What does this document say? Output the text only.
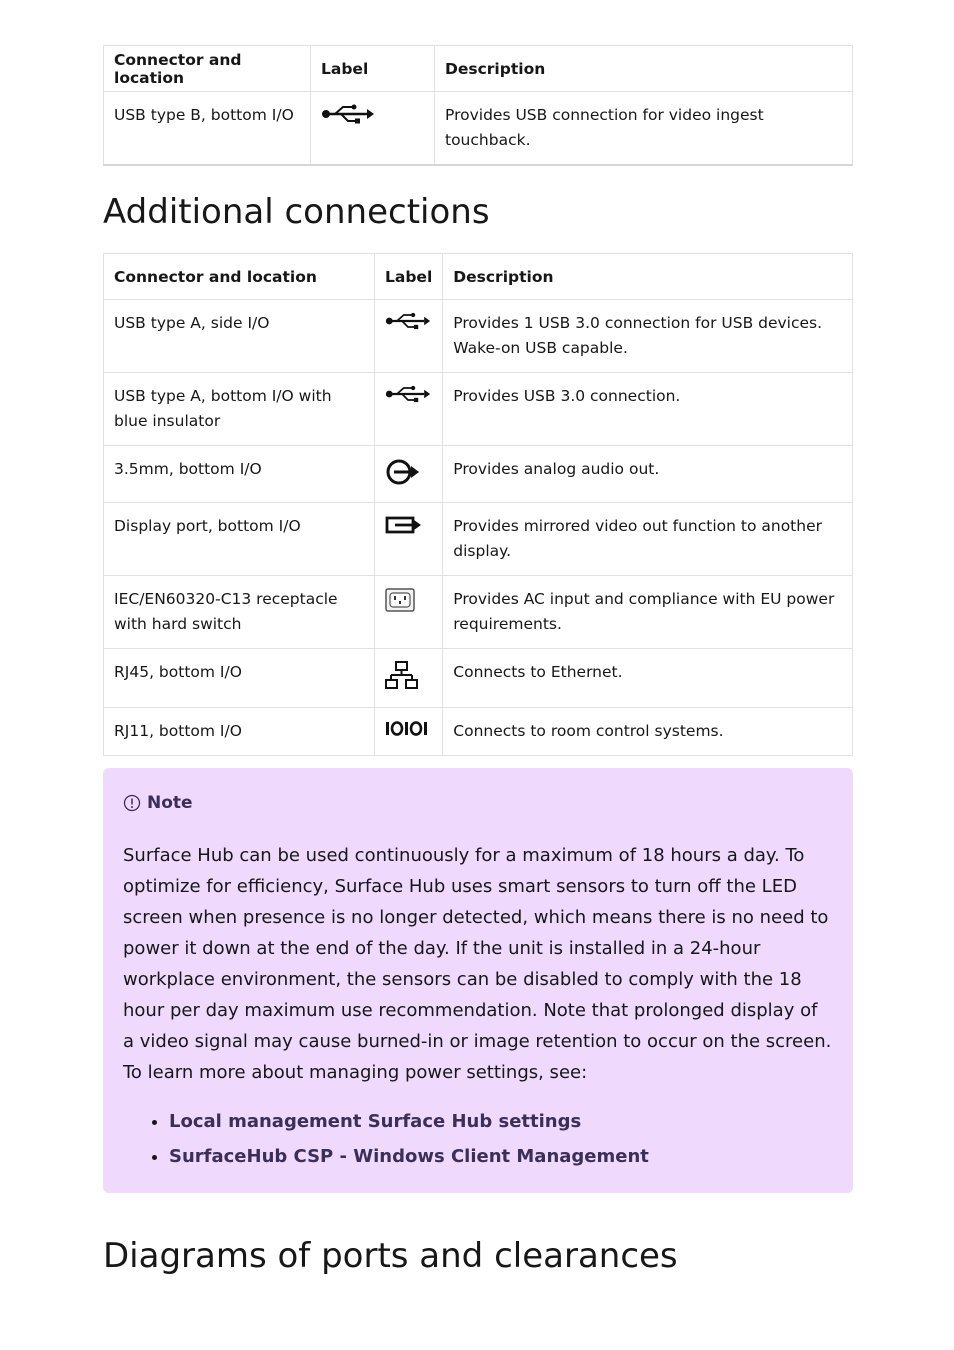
Connector and location	Label	Description
USB type B, bottom I/O		Provides USB connection for video ingest touchback.
Additional connections
Connector and location	Label	Description
USB type A, side I/O		Provides 1 USB 3.0 connection for USB devices. Wake-on USB capable.
USB type A, bottom I/O with blue insulator		Provides USB 3.0 connection.
3.5mm, bottom I/O		Provides analog audio out.
Display port, bottom I/O		Provides mirrored video out function to another display.
IEC/EN60320-C13 receptacle with hard switch		Provides AC input and compliance with EU power requirements.
RJ45, bottom I/O		Connects to Ethernet.
RJ11, bottom I/O		Connects to room control systems.
Note
Surface Hub can be used continuously for a maximum of 18 hours a day. To optimize for efficiency, Surface Hub uses smart sensors to turn off the LED screen when presence is no longer detected, which means there is no need to power it down at the end of the day. If the unit is installed in a 24-hour workplace environment, the sensors can be disabled to comply with the 18 hour per day maximum use recommendation. Note that prolonged display of a video signal may cause burned-in or image retention to occur on the screen. To learn more about managing power settings, see:
• Local management Surface Hub settings
• SurfaceHub CSP - Windows Client Management
Diagrams of ports and clearances
